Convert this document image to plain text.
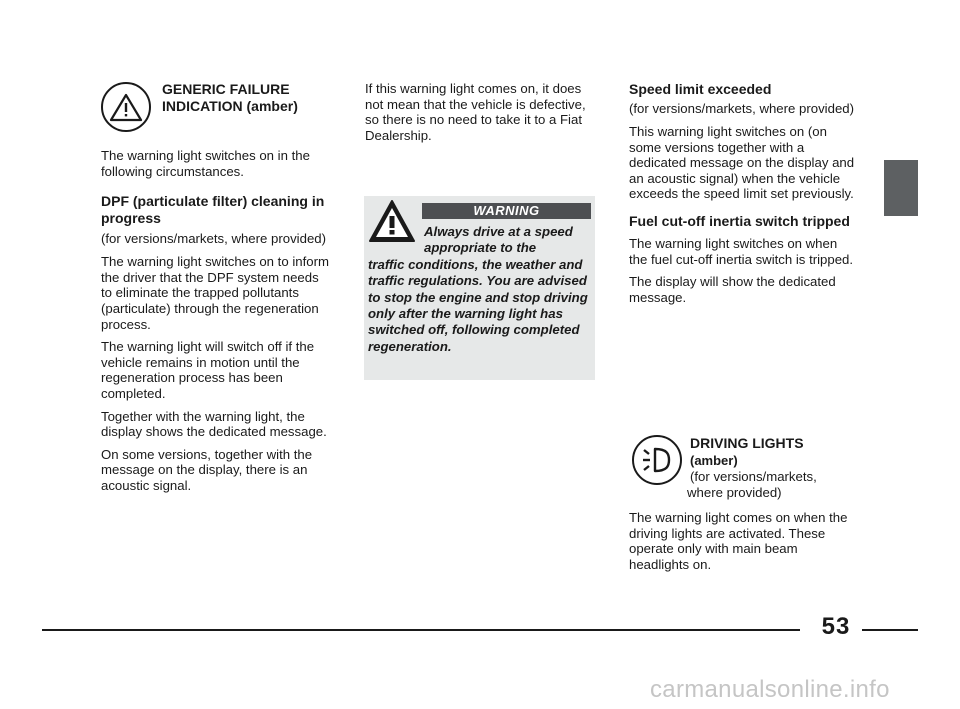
GENERIC FAILURE
INDICATION (amber)

The warning light switches on in the following circumstances.

DPF (particulate filter) cleaning in progress

(for versions/markets, where provided)

The warning light switches on to inform the driver that the DPF system needs to eliminate the trapped pollutants (particulate) through the regeneration process.

The warning light will switch off if the vehicle remains in motion until the regeneration process has been completed.

Together with the warning light, the display shows the dedicated message.

On some versions, together with the message on the display, there is an acoustic signal.

If this warning light comes on, it does not mean that the vehicle is defective, so there is no need to take it to a Fiat Dealership.

WARNING
Always drive at a speed
appropriate to the
traffic conditions, the weather and traffic regulations. You are advised to stop the engine and stop driving only after the warning light has switched off, following completed regeneration.
Speed limit exceeded

(for versions/markets, where provided)

This warning light switches on (on some versions together with a dedicated message on the display and an acoustic signal) when the vehicle exceeds the speed limit set previously.

Fuel cut-off inertia switch tripped

The warning light switches on when the fuel cut-off inertia switch is tripped.

The display will show the dedicated message.

DRIVING LIGHTS
(amber)
(for versions/markets,
where provided)

The warning light comes on when the driving lights are activated. These operate only with main beam headlights on.

53
carmanualsonline.info
